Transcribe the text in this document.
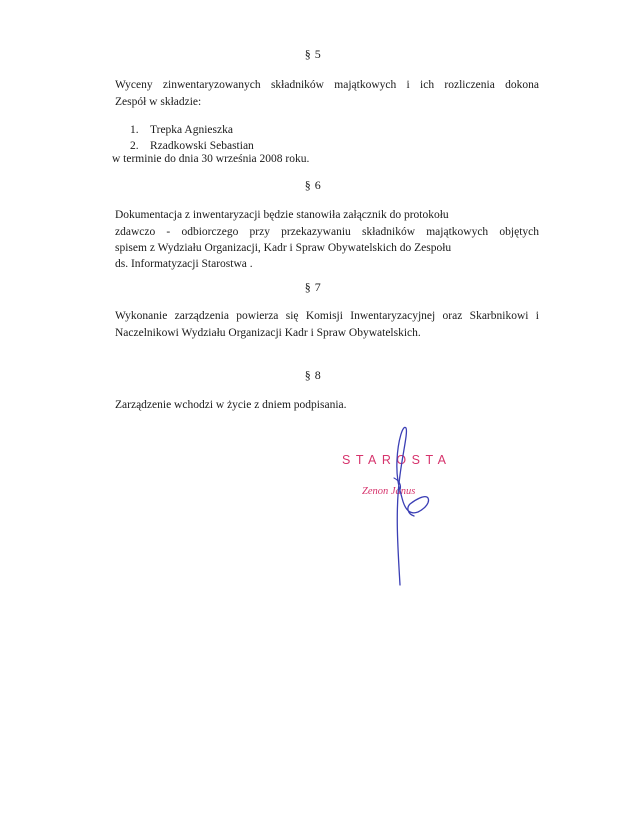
§ 5
Wyceny zinwentaryzowanych składników majątkowych i ich rozliczenia dokona
Zespół w składzie:
1. Trepka Agnieszka
2. Rzadkowski Sebastian
w terminie do dnia 30 września 2008 roku.
§ 6
Dokumentacja z inwentaryzacji będzie stanowiła załącznik do protokołu
zdawczo - odbiorczego przy przekazywaniu składników majątkowych objętych
spisem z Wydziału Organizacji, Kadr i Spraw Obywatelskich do Zespołu
ds. Informatyzacji Starostwa .
§ 7
Wykonanie zarządzenia powierza się Komisji Inwentaryzacyjnej oraz Skarbnikowi i
Naczelnikowi Wydziału Organizacji Kadr i Spraw Obywatelskich.
§ 8
Zarządzenie wchodzi w życie z dniem podpisania.
STAROSTA
Zenon Janus
